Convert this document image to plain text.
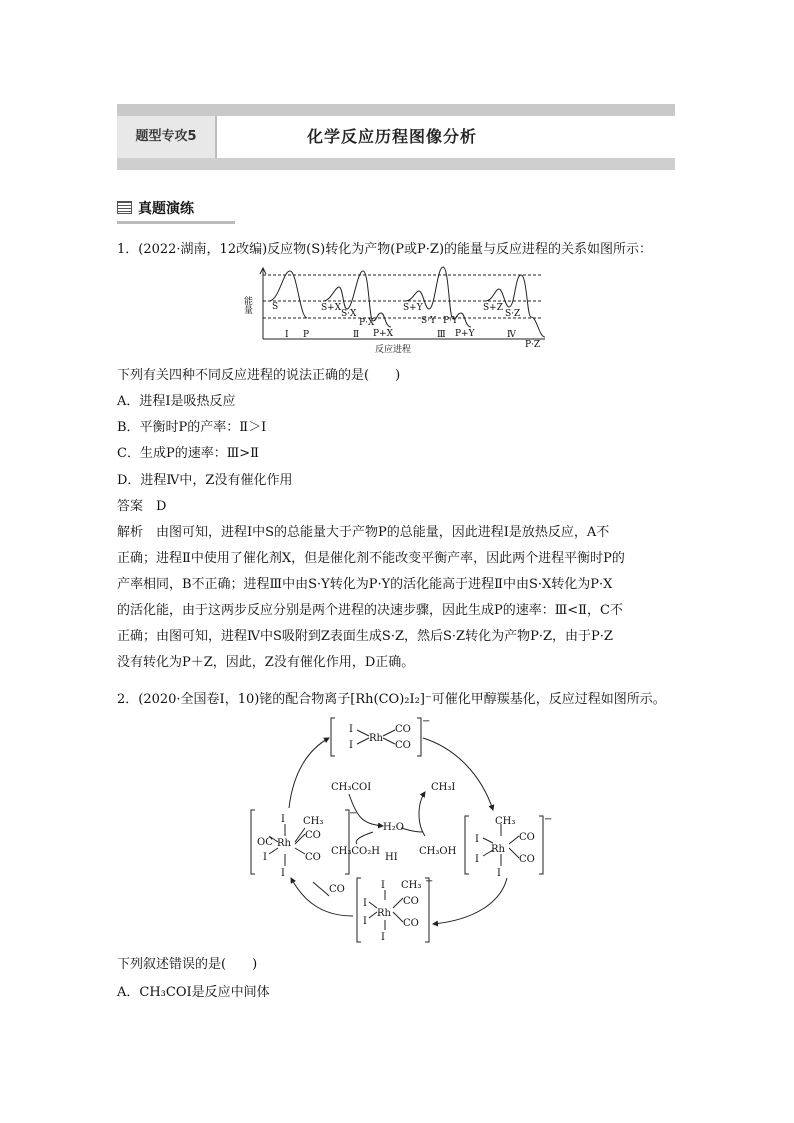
题型专攻5	化学反应历程图像分析
真题演练
1．(2022·湖南，12改编)反应物(S)转化为产物(P或P·Z)的能量与反应进程的关系如图所示：
能量 S
P
Ⅰ
S+X
S·X
P·X
P+X
Ⅱ
S+Y
S·Y P·Y
P+Y
Ⅲ
S+Z
S·Z
P·Z
Ⅳ
反应进程
下列有关四种不同反应进程的说法正确的是(　　)
A．进程Ⅰ是吸热反应
B．平衡时P的产率：Ⅱ＞Ⅰ
C．生成P的速率：Ⅲ>Ⅱ
D．进程Ⅳ中，Z没有催化作用
答案　 D
解析　由图可知，进程Ⅰ中S的总能量大于产物P的总能量，因此进程Ⅰ是放热反应，A不
正确；进程Ⅱ中使用了催化剂X，但是催化剂不能改变平衡产率，因此两个进程平衡时P的
产率相同，B不正确；进程Ⅲ中由S·Y转化为P·Y的活化能高于进程Ⅱ中由S·X转化为P·X
的活化能，由于这两步反应分别是两个进程的决速步骤，因此生成P的速率：Ⅲ<Ⅱ，C不
正确；由图可知，进程Ⅳ中S吸附到Z表面生成S·Z，然后S·Z转化为产物P·Z，由于P·Z
没有转化为P＋Z，因此，Z没有催化作用，D正确。
2．(2020·全国卷Ⅰ，10)铑的配合物离子[Rh(CO)₂I₂]⁻可催化甲醇羰基化，反应过程如图所示。
I
I
Rh
CO
CO
−
I
OC Rh
I
I
CH₃
CO
CO
−
CH₃
I
Rh
I
I
CO
CO
−
CH₃
CO
I
I
Rh
I	CO
I
−
CH₃COI	CH₃I
H₂O
HI
CH₃CO₂H	CH₃OH
CO
下列叙述错误的是(　　)
A．CH₃COI是反应中间体
